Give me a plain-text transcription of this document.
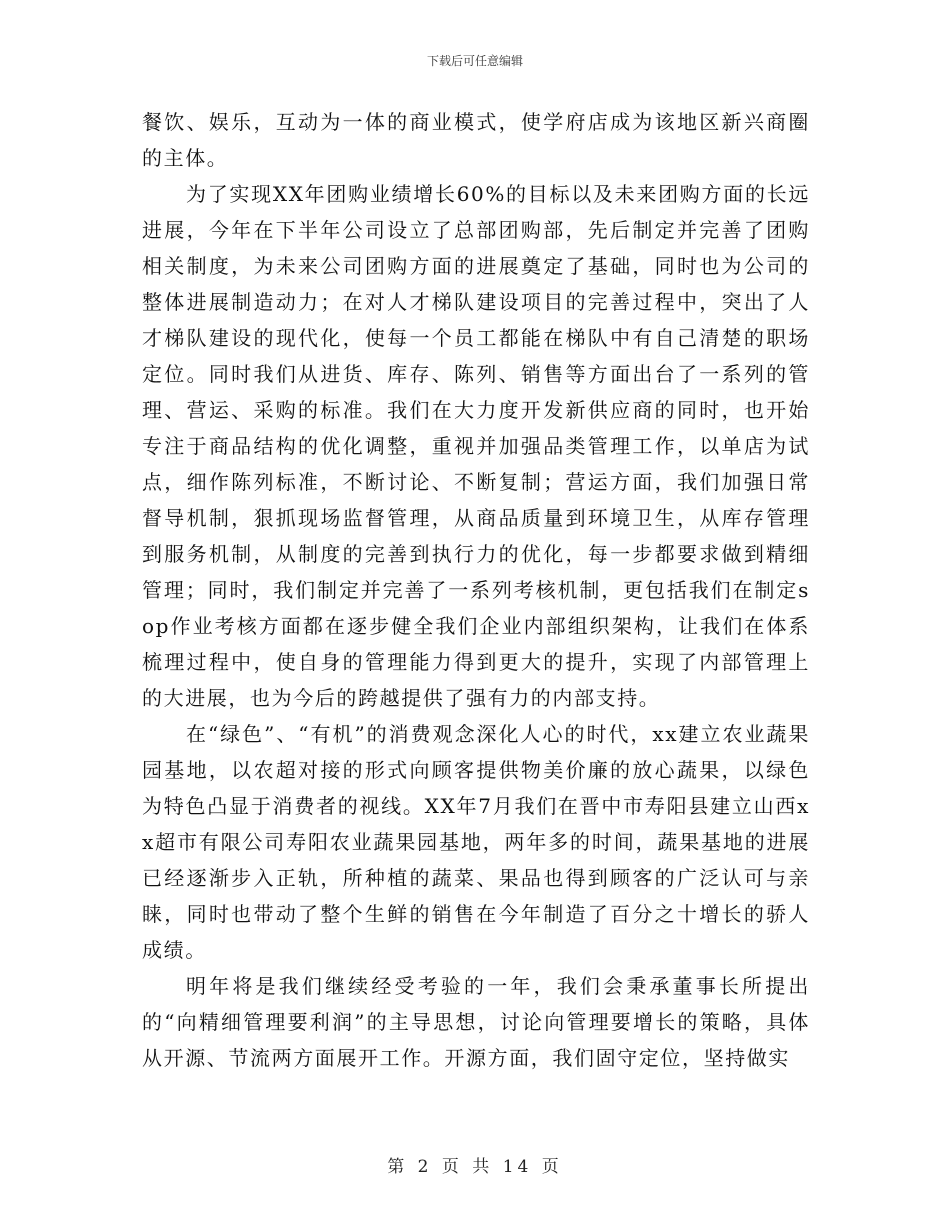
下载后可任意编辑

餐饮、娱乐，互动为一体的商业模式，使学府店成为该地区新兴商圈的主体。

为了实现XX年团购业绩增长60%的目标以及未来团购方面的长远进展，今年在下半年公司设立了总部团购部，先后制定并完善了团购相关制度，为未来公司团购方面的进展奠定了基础，同时也为公司的整体进展制造动力；在对人才梯队建设项目的完善过程中，突出了人才梯队建设的现代化，使每一个员工都能在梯队中有自己清楚的职场定位。同时我们从进货、库存、陈列、销售等方面出台了一系列的管理、营运、采购的标准。我们在大力度开发新供应商的同时，也开始专注于商品结构的优化调整，重视并加强品类管理工作，以单店为试点，细作陈列标准，不断讨论、不断复制；营运方面，我们加强日常督导机制，狠抓现场监督管理，从商品质量到环境卫生，从库存管理到服务机制，从制度的完善到执行力的优化，每一步都要求做到精细管理；同时，我们制定并完善了一系列考核机制，更包括我们在制定sop作业考核方面都在逐步健全我们企业内部组织架构，让我们在体系梳理过程中，使自身的管理能力得到更大的提升，实现了内部管理上的大进展，也为今后的跨越提供了强有力的内部支持。

在“绿色”、“有机”的消费观念深化人心的时代，xx建立农业蔬果园基地，以农超对接的形式向顾客提供物美价廉的放心蔬果，以绿色为特色凸显于消费者的视线。XX年7月我们在晋中市寿阳县建立山西xx超市有限公司寿阳农业蔬果园基地，两年多的时间，蔬果基地的进展已经逐渐步入正轨，所种植的蔬菜、果品也得到顾客的广泛认可与亲睐，同时也带动了整个生鲜的销售在今年制造了百分之十增长的骄人成绩。

明年将是我们继续经受考验的一年，我们会秉承董事长所提出的“向精细管理要利润”的主导思想，讨论向管理要增长的策略，具体从开源、节流两方面展开工作。开源方面，我们固守定位，坚持做实

第 2 页 共 14 页
